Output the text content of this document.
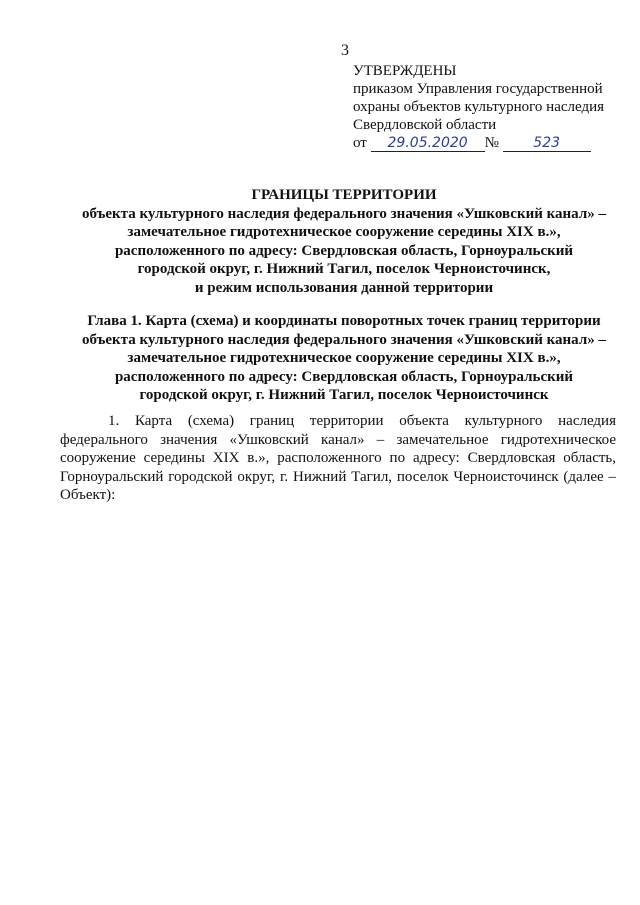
3
УТВЕРЖДЕНЫ
приказом Управления государственной
охраны объектов культурного наследия
Свердловской области
от 29.05.2020 № 523
ГРАНИЦЫ ТЕРРИТОРИИ
объекта культурного наследия федерального значения «Ушковский канал» –
замечательное гидротехническое сооружение середины XIX в.»,
расположенного по адресу: Свердловская область, Горноуральский
городской округ, г. Нижний Тагил, поселок Черноисточинск,
и режим использования данной территории
Глава 1. Карта (схема) и координаты поворотных точек границ территории
объекта культурного наследия федерального значения «Ушковский канал» –
замечательное гидротехническое сооружение середины XIX в.»,
расположенного по адресу: Свердловская область, Горноуральский
городской округ, г. Нижний Тагил, поселок Черноисточинск
1. Карта (схема) границ территории объекта культурного наследия федерального значения «Ушковский канал» – замечательное гидротехническое сооружение середины XIX в.», расположенного по адресу: Свердловская область, Горноуральский городской округ, г. Нижний Тагил, поселок Черноисточинск (далее – Объект):
